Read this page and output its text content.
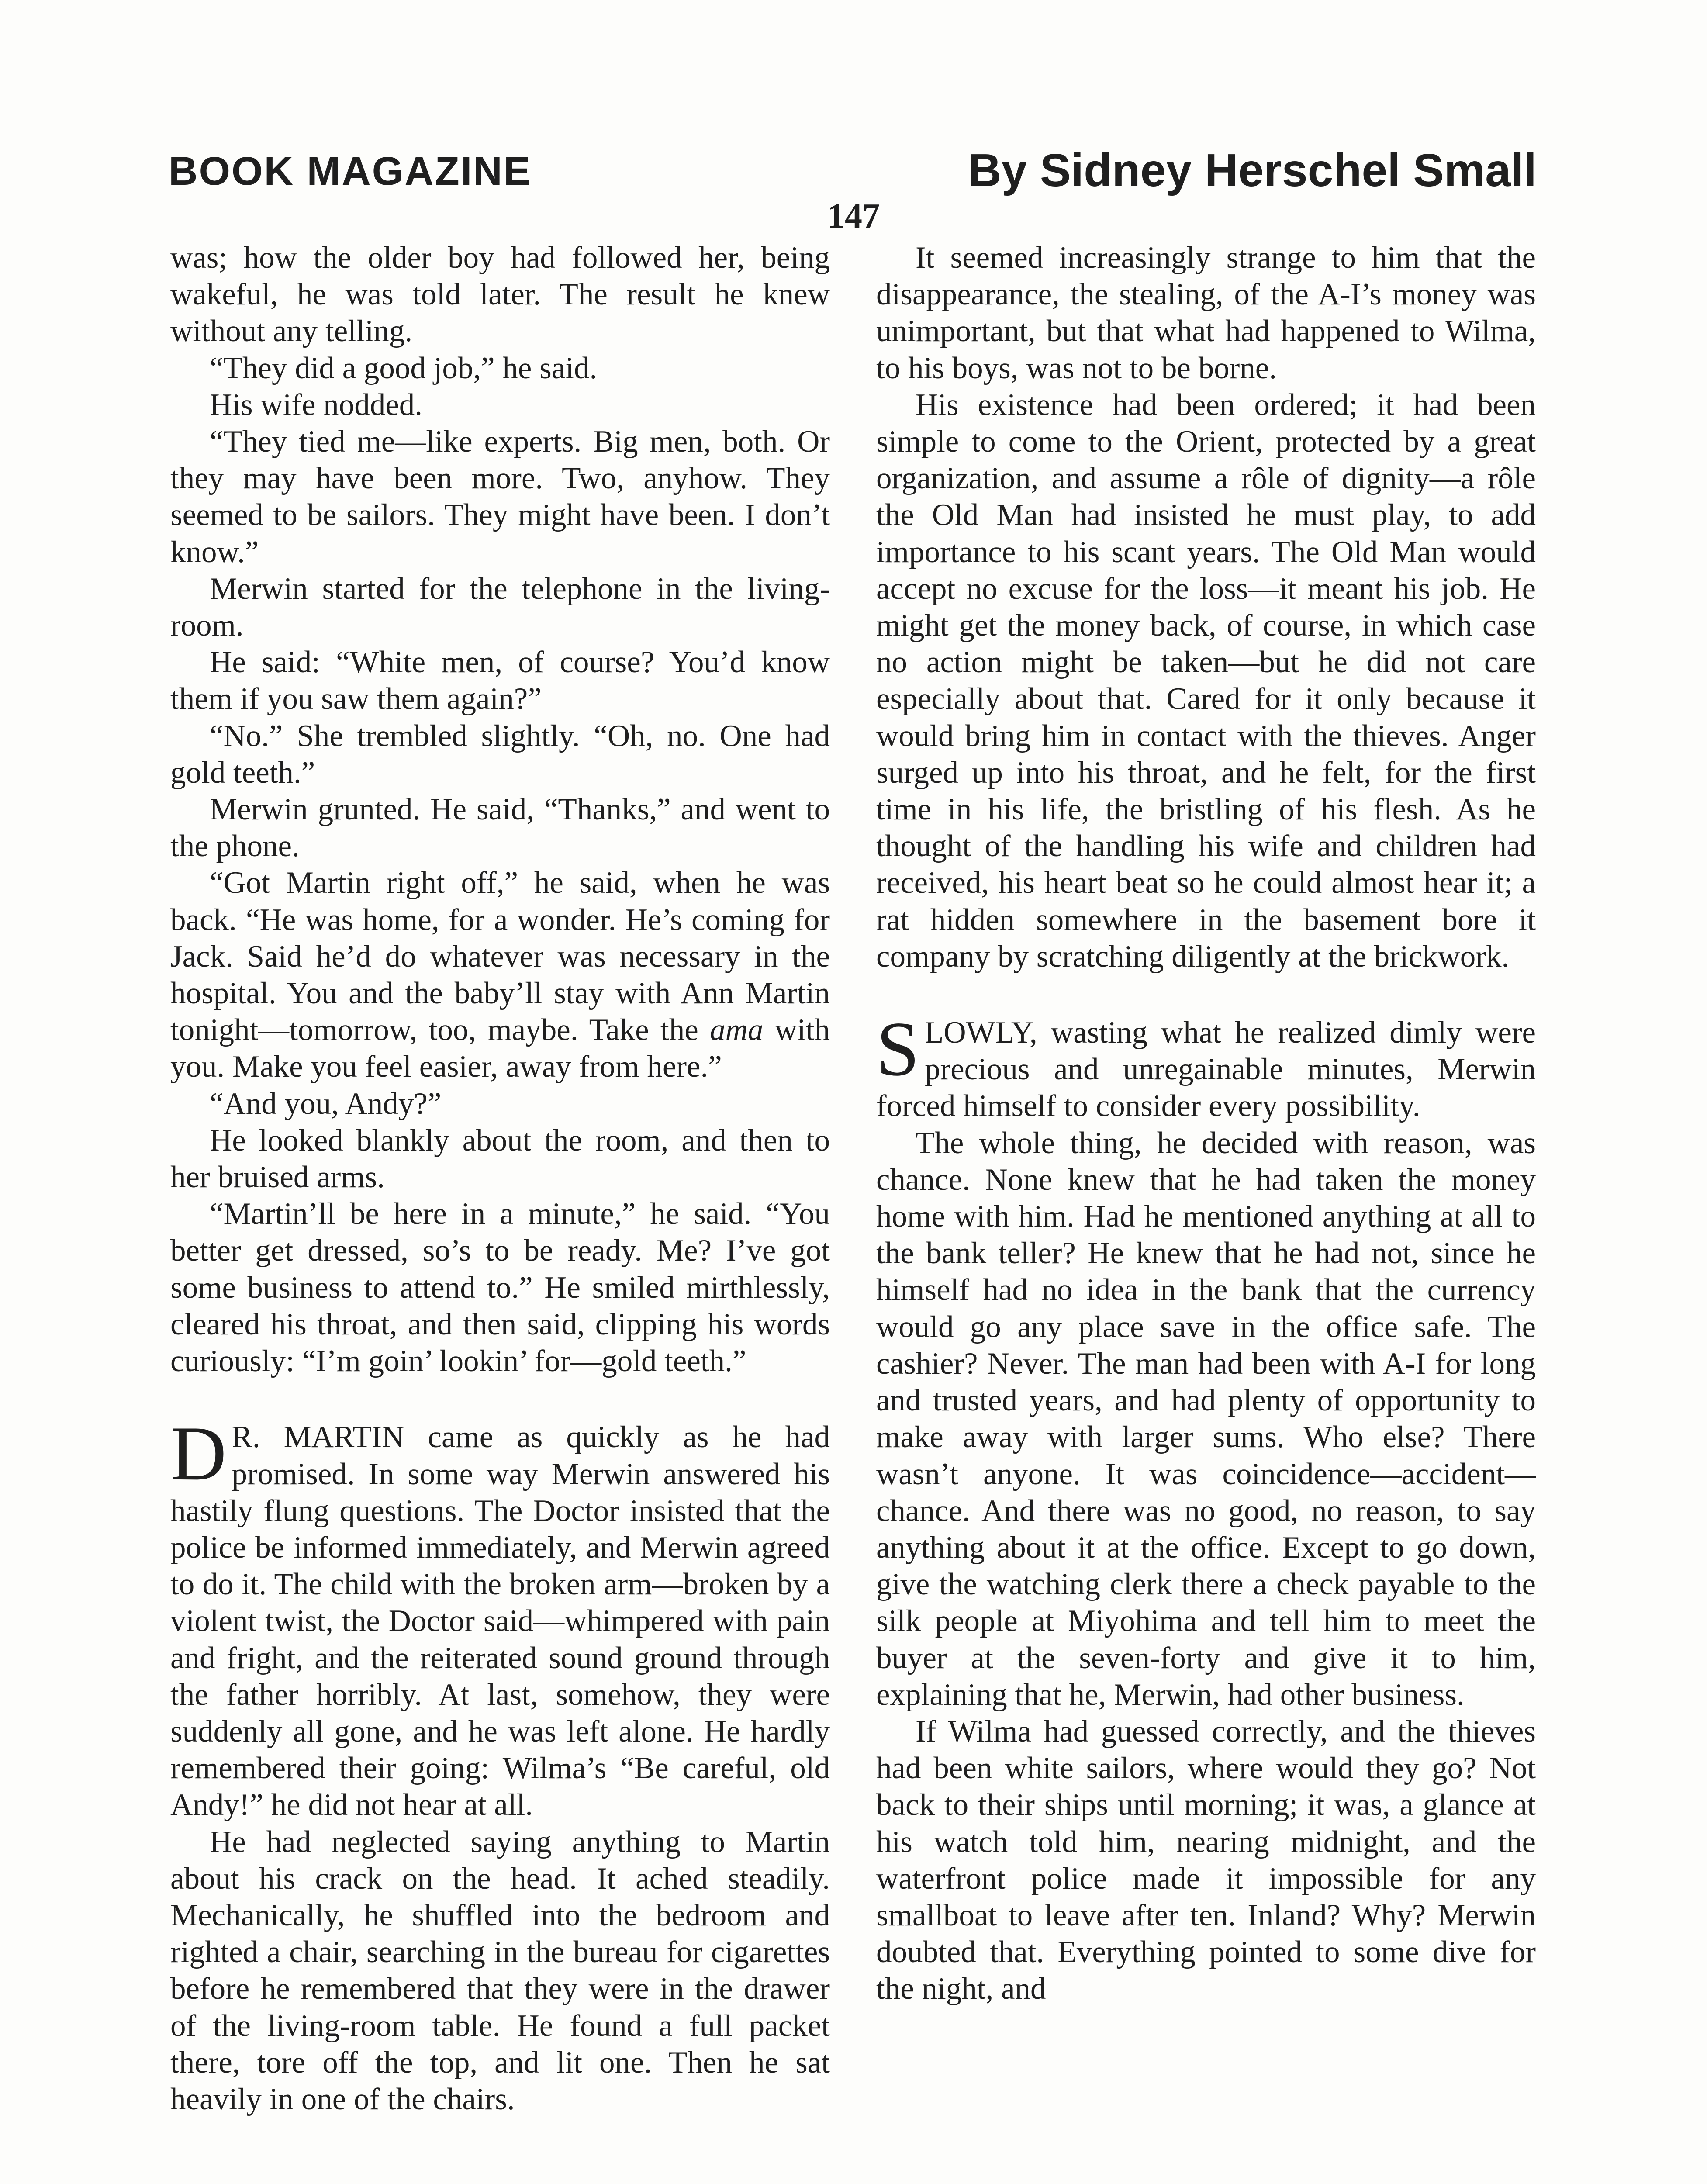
BOOK MAGAZINE	By Sidney Herschel Small
147

was; how the older boy had followed her, being wakeful, he was told later. The result he knew without any telling.

“They did a good job,” he said.

His wife nodded.

“They tied me—like experts. Big men, both. Or they may have been more. Two, anyhow. They seemed to be sailors. They might have been. I don’t know.”

Merwin started for the telephone in the living-room.

He said: “White men, of course? You’d know them if you saw them again?”

“No.” She trembled slightly. “Oh, no. One had gold teeth.”

Merwin grunted. He said, “Thanks,” and went to the phone.

“Got Martin right off,” he said, when he was back. “He was home, for a wonder. He’s coming for Jack. Said he’d do whatever was necessary in the hospital. You and the baby’ll stay with Ann Martin tonight—tomorrow, too, maybe. Take the ama with you. Make you feel easier, away from here.”

“And you, Andy?”

He looked blankly about the room, and then to her bruised arms.

“Martin’ll be here in a minute,” he said. “You better get dressed, so’s to be ready. Me? I’ve got some business to attend to.” He smiled mirthlessly, cleared his throat, and then said, clipping his words curiously: “I’m goin’ lookin’ for—gold teeth.”

D R. MARTIN came as quickly as he had promised. In some way Merwin answered his hastily flung questions. The Doctor insisted that the police be informed immediately, and Merwin agreed to do it. The child with the broken arm—broken by a violent twist, the Doctor said—whimpered with pain and fright, and the reiterated sound ground through the father horribly. At last, somehow, they were suddenly all gone, and he was left alone. He hardly remembered their going: Wilma’s “Be careful, old Andy!” he did not hear at all.

He had neglected saying anything to Martin about his crack on the head. It ached steadily. Mechanically, he shuffled into the bedroom and righted a chair, searching in the bureau for cigarettes before he remembered that they were in the drawer of the living-room table. He found a full packet there, tore off the top, and lit one. Then he sat heavily in one of the chairs.

It seemed increasingly strange to him that the disappearance, the stealing, of the A-I’s money was unimportant, but that what had happened to Wilma, to his boys, was not to be borne.

His existence had been ordered; it had been simple to come to the Orient, protected by a great organization, and assume a rôle of dignity—a rôle the Old Man had insisted he must play, to add importance to his scant years. The Old Man would accept no excuse for the loss—it meant his job. He might get the money back, of course, in which case no action might be taken—but he did not care especially about that. Cared for it only because it would bring him in contact with the thieves. Anger surged up into his throat, and he felt, for the first time in his life, the bristling of his flesh. As he thought of the handling his wife and children had received, his heart beat so he could almost hear it; a rat hidden somewhere in the basement bore it company by scratching diligently at the brickwork.

SLOWLY, wasting what he realized dimly were precious and unregainable minutes, Merwin forced himself to consider every possibility.

The whole thing, he decided with reason, was chance. None knew that he had taken the money home with him. Had he mentioned anything at all to the bank teller? He knew that he had not, since he himself had no idea in the bank that the currency would go any place save in the office safe. The cashier? Never. The man had been with A-I for long and trusted years, and had plenty of opportunity to make away with larger sums. Who else? There wasn’t anyone. It was coincidence—accident—chance. And there was no good, no reason, to say anything about it at the office. Except to go down, give the watching clerk there a check payable to the silk people at Miyohima and tell him to meet the buyer at the seven-forty and give it to him, explaining that he, Merwin, had other business.

If Wilma had guessed correctly, and the thieves had been white sailors, where would they go? Not back to their ships until morning; it was, a glance at his watch told him, nearing midnight, and the waterfront police made it impossible for any smallboat to leave after ten. Inland? Why? Merwin doubted that. Everything pointed to some dive for the night, and
